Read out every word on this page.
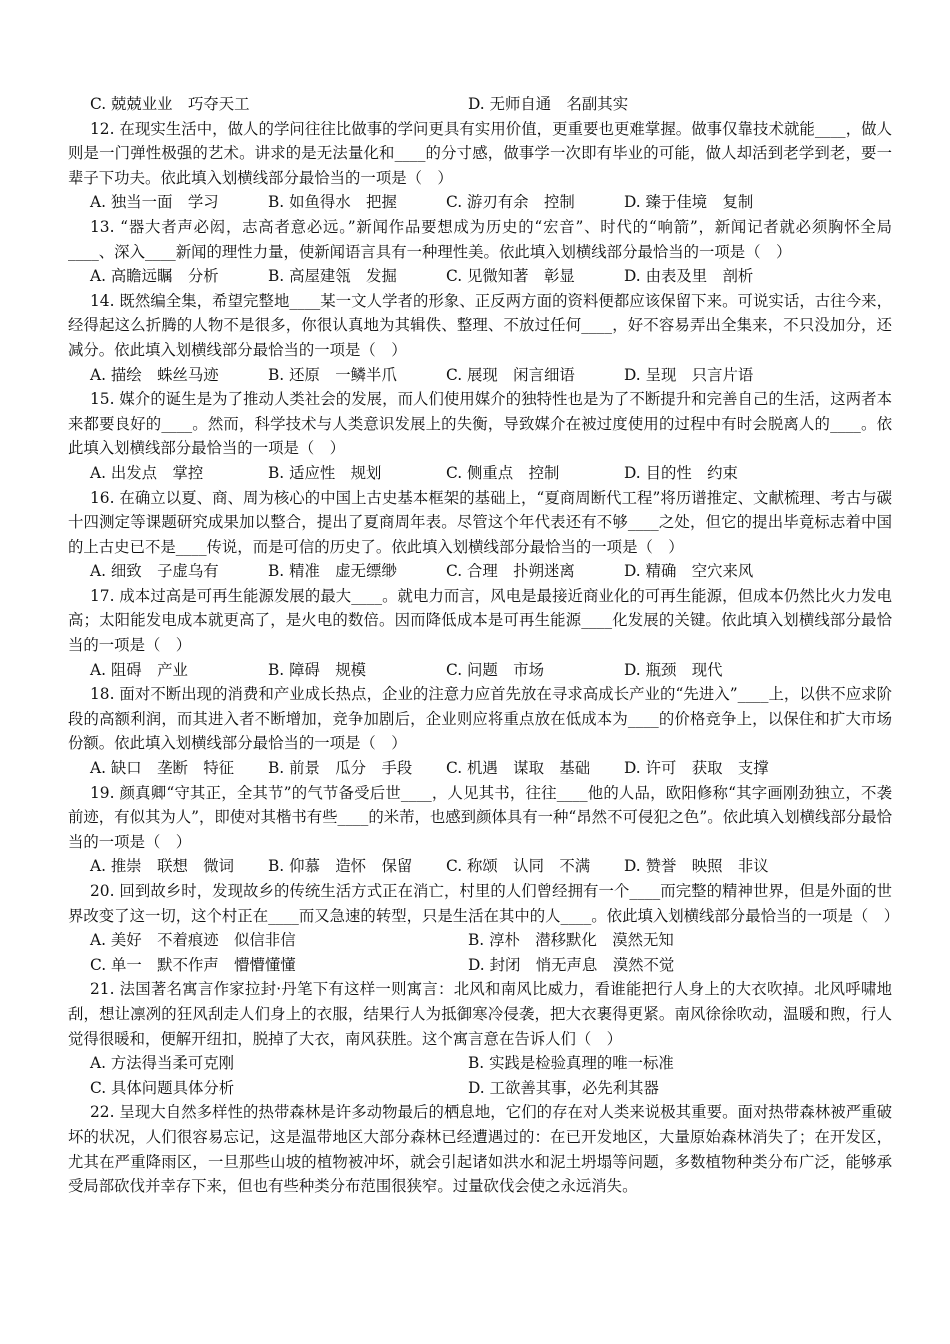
C. 兢兢业业　巧夺天工	D. 无师自通　名副其实

12. 在现实生活中，做人的学问往往比做事的学问更具有实用价值，更重要也更难掌握。做事仅靠技术就能____，做人则是一门弹性极强的艺术。讲求的是无法量化和____的分寸感，做事学一次即有毕业的可能，做人却活到老学到老，要一辈子下功夫。依此填入划横线部分最恰当的一项是（　）

A. 独当一面　学习	B. 如鱼得水　把握	C. 游刃有余　控制	D. 臻于佳境　复制

13. “器大者声必闳，志高者意必远。”新闻作品要想成为历史的“宏音”、时代的“响箭”，新闻记者就必须胸怀全局____、深入____新闻的理性力量，使新闻语言具有一种理性美。依此填入划横线部分最恰当的一项是（　）

A. 高瞻远瞩　分析	B. 高屋建瓴　发掘	C. 见微知著　彰显	D. 由表及里　剖析

14. 既然编全集，希望完整地____某一文人学者的形象、正反两方面的资料便都应该保留下来。可说实话，古往今来，经得起这么折腾的人物不是很多，你很认真地为其辑佚、整理、不放过任何____，好不容易弄出全集来，不只没加分，还减分。依此填入划横线部分最恰当的一项是（　）

A. 描绘　蛛丝马迹	B. 还原　一鳞半爪	C. 展现　闲言细语	D. 呈现　只言片语

15. 媒介的诞生是为了推动人类社会的发展，而人们使用媒介的独特性也是为了不断提升和完善自己的生活，这两者本来都要良好的____。然而，科学技术与人类意识发展上的失衡，导致媒介在被过度使用的过程中有时会脱离人的____。依此填入划横线部分最恰当的一项是（　）

A. 出发点　掌控	B. 适应性　规划	C. 侧重点　控制	D. 目的性　约束

16. 在确立以夏、商、周为核心的中国上古史基本框架的基础上，“夏商周断代工程”将历谱推定、文献梳理、考古与碳十四测定等课题研究成果加以整合，提出了夏商周年表。尽管这个年代表还有不够____之处，但它的提出毕竟标志着中国的上古史已不是____传说，而是可信的历史了。依此填入划横线部分最恰当的一项是（　）

A. 细致　子虚乌有	B. 精准　虚无缥缈	C. 合理　扑朔迷离	D. 精确　空穴来风

17. 成本过高是可再生能源发展的最大____。就电力而言，风电是最接近商业化的可再生能源，但成本仍然比火力发电高；太阳能发电成本就更高了，是火电的数倍。因而降低成本是可再生能源____化发展的关键。依此填入划横线部分最恰当的一项是（　）

A. 阻碍　产业	B. 障碍　规模	C. 问题　市场	D. 瓶颈　现代

18. 面对不断出现的消费和产业成长热点，企业的注意力应首先放在寻求高成长产业的“先进入”____上，以供不应求阶段的高额利润，而其进入者不断增加，竞争加剧后，企业则应将重点放在低成本为____的价格竞争上，以保住和扩大市场份额。依此填入划横线部分最恰当的一项是（　）

A. 缺口　垄断　特征	B. 前景　瓜分　手段	C. 机遇　谋取　基础	D. 许可　获取　支撑

19. 颜真卿“守其正，全其节”的气节备受后世____，人见其书，往往____他的人品，欧阳修称“其字画刚劲独立，不袭前迹，有似其为人”，即使对其楷书有些____的米芾，也感到颜体具有一种“昂然不可侵犯之色”。依此填入划横线部分最恰当的一项是（　）

A. 推崇　联想　微词	B. 仰慕　造怀　保留	C. 称颂　认同　不满	D. 赞誉　映照　非议

20. 回到故乡时，发现故乡的传统生活方式正在消亡，村里的人们曾经拥有一个____而完整的精神世界，但是外面的世界改变了这一切，这个村正在____而又急速的转型，只是生活在其中的人____。依此填入划横线部分最恰当的一项是（　）

A. 美好　不着痕迹　似信非信	B. 淳朴　潜移默化　漠然无知
C. 单一　默不作声　懵懵懂懂	D. 封闭　悄无声息　漠然不觉

21. 法国著名寓言作家拉封·丹笔下有这样一则寓言：北风和南风比威力，看谁能把行人身上的大衣吹掉。北风呼啸地刮，想让凛冽的狂风刮走人们身上的衣服，结果行人为抵御寒冷侵袭，把大衣裹得更紧。南风徐徐吹动，温暖和煦，行人觉得很暖和，便解开纽扣，脱掉了大衣，南风获胜。这个寓言意在告诉人们（　）

A. 方法得当柔可克刚	B. 实践是检验真理的唯一标准
C. 具体问题具体分析	D. 工欲善其事，必先利其器

22. 呈现大自然多样性的热带森林是许多动物最后的栖息地，它们的存在对人类来说极其重要。面对热带森林被严重破坏的状况，人们很容易忘记，这是温带地区大部分森林已经遭遇过的：在已开发地区，大量原始森林消失了；在开发区，尤其在严重降雨区，一旦那些山坡的植物被冲坏，就会引起诸如洪水和泥土坍塌等问题，多数植物种类分布广泛，能够承受局部砍伐并幸存下来，但也有些种类分布范围很狭窄。过量砍伐会使之永远消失。
